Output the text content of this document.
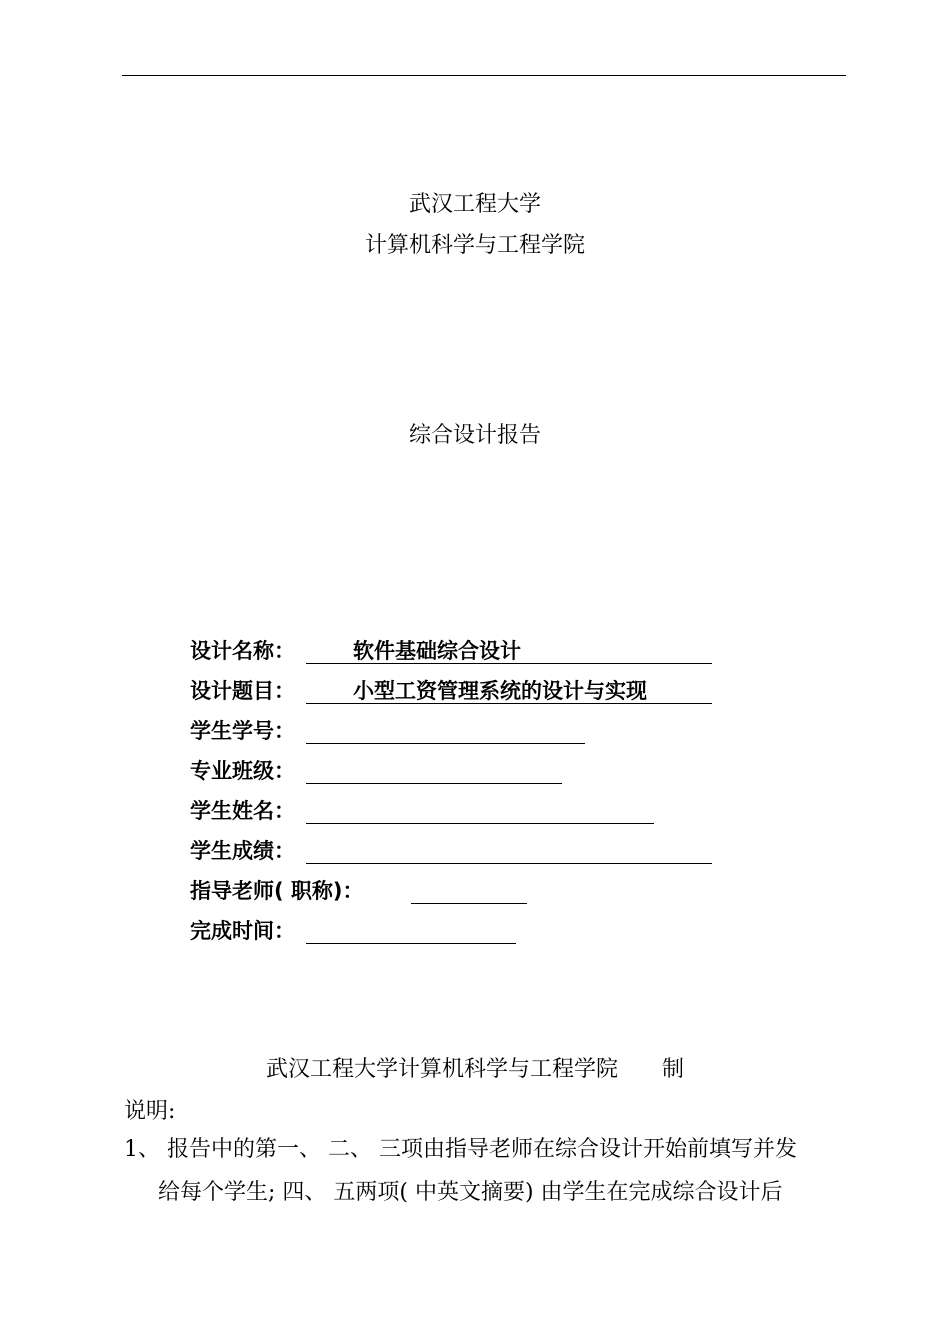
武汉工程大学
计算机科学与工程学院
综合设计报告
设计名称：	软件基础综合设计
设计题目：	小型工资管理系统的设计与实现
学生学号：
专业班级：
学生姓名：
学生成绩：
指导老师( 职称)：
完成时间：
武汉工程大学计算机科学与工程学院　　制
说明:
1、 报告中的第一、 二、 三项由指导老师在综合设计开始前填写并发
给每个学生; 四、 五两项( 中英文摘要) 由学生在完成综合设计后
